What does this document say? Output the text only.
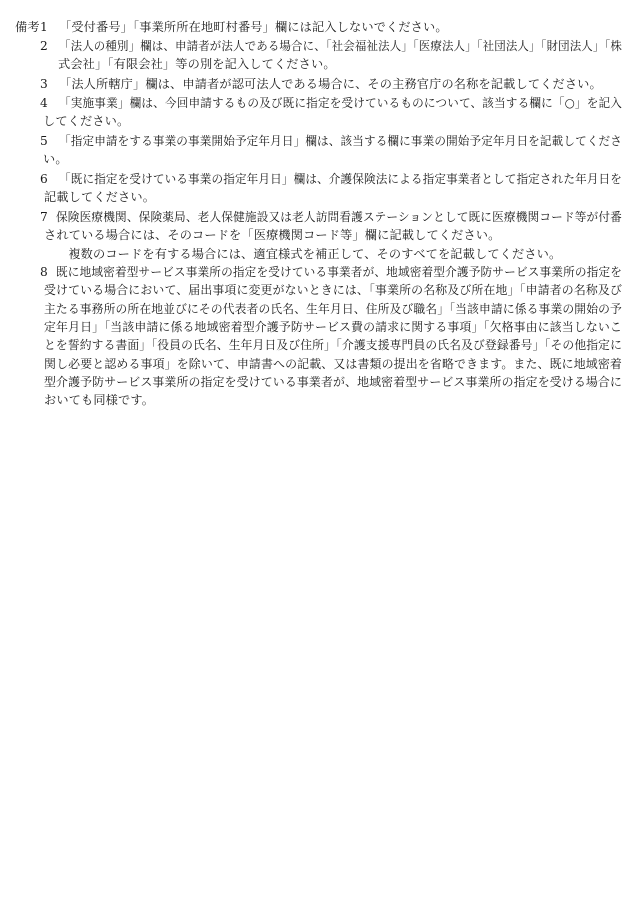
備考 1 「受付番号」「事業所所在地町村番号」欄には記入しないでください。
2 「法人の種別」欄は、申請者が法人である場合に、「社会福祉法人」「医療法人」「社団法人」「財団法人」「株
式会社」「有限会社」等の別を記入してください。
3 「法人所轄庁」欄は、申請者が認可法人である場合に、その主務官庁の名称を記載してください。
4 「実施事業」欄は、今回申請するもの及び既に指定を受けているものについて、該当する欄に「○」を記入
してください。
5 「指定申請をする事業の事業開始予定年月日」欄は、該当する欄に事業の開始予定年月日を記載してくださ
い。
6 「既に指定を受けている事業の指定年月日」欄は、介護保険法による指定事業者として指定された年月日を
記載してください。
7 保険医療機関、保険薬局、老人保健施設又は老人訪問看護ステーションとして既に医療機関コード等が付番
されている場合には、そのコードを「医療機関コード等」欄に記載してください。
　複数のコードを有する場合には、適宜様式を補正して、そのすべてを記載してください。
8 既に地域密着型サービス事業所の指定を受けている事業者が、地域密着型介護予防サービス事業所の指定を
受けている場合において、届出事項に変更がないときには、「事業所の名称及び所在地」「申請者の名称及び
主たる事務所の所在地並びにその代表者の氏名、生年月日、住所及び職名」「当該申請に係る事業の開始の予
定年月日」「当該申請に係る地域密着型介護予防サービス費の請求に関する事項」「欠格事由に該当しないこ
とを誓約する書面」「役員の氏名、生年月日及び住所」「介護支援専門員の氏名及び登録番号」「その他指定に
関し必要と認める事項」を除いて、申請書への記載、又は書類の提出を省略できます。また、既に地域密着
型介護予防サービス事業所の指定を受けている事業者が、地域密着型サービス事業所の指定を受ける場合に
おいても同様です。
